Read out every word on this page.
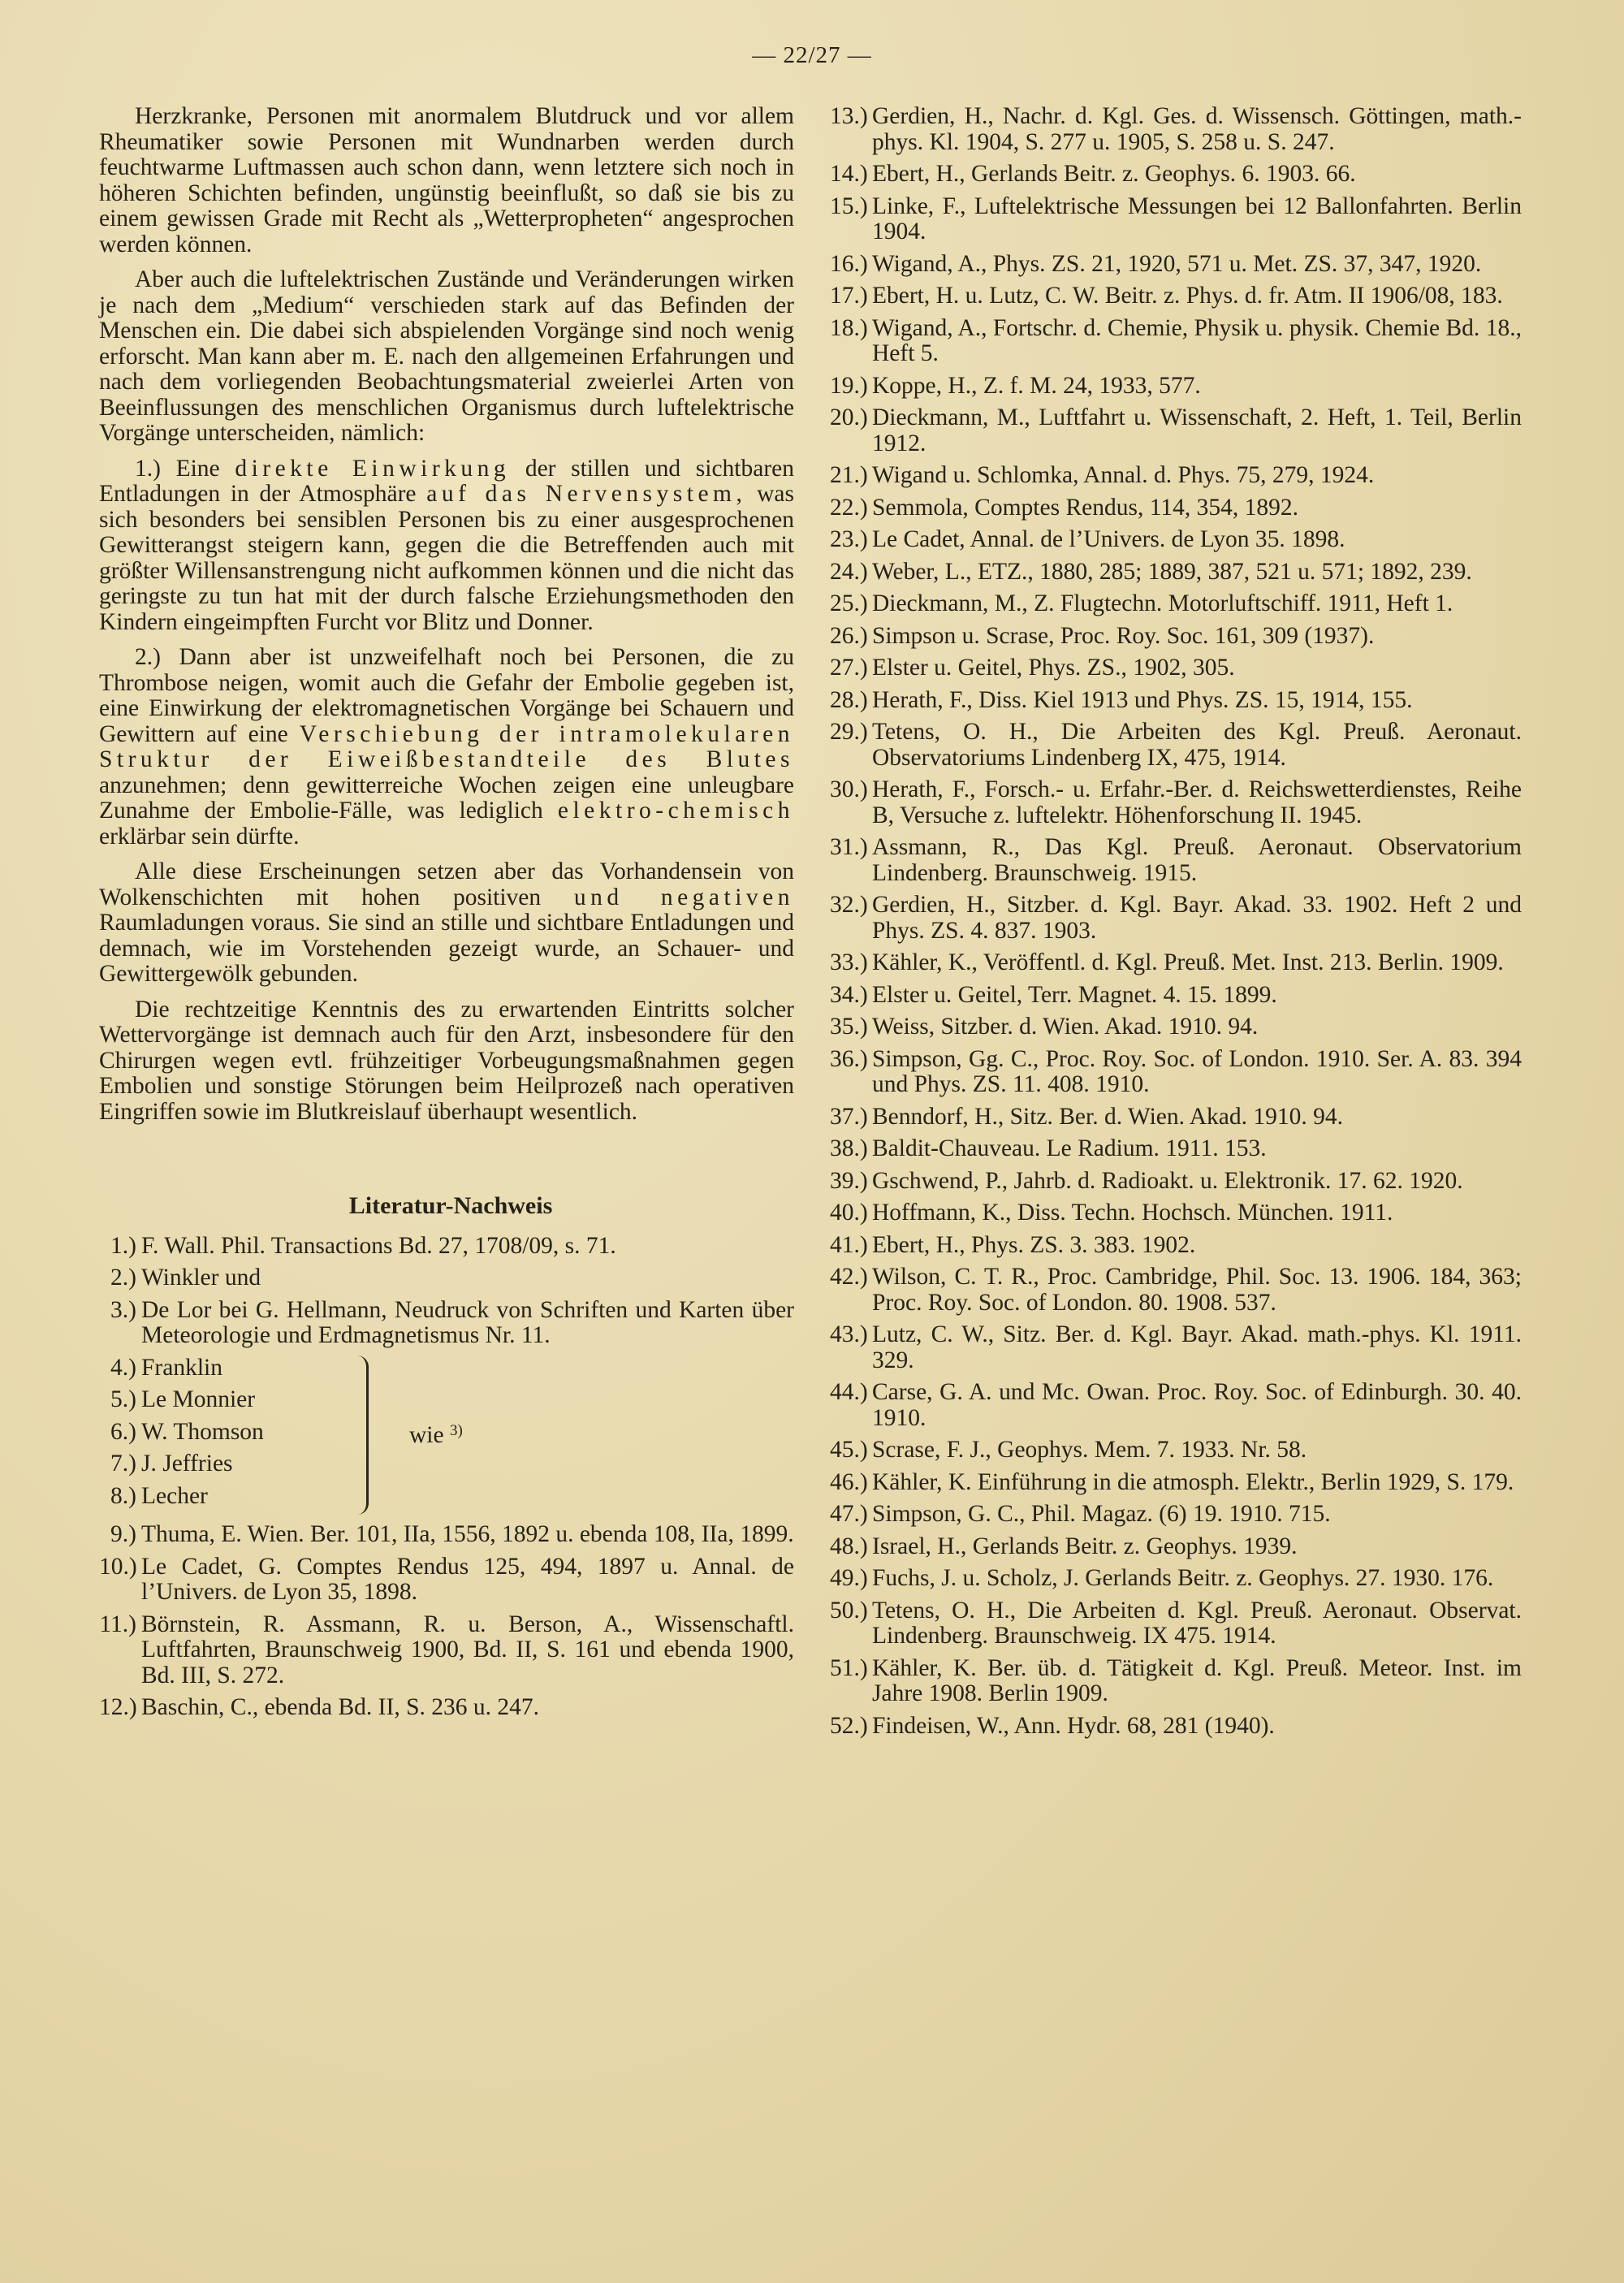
— 22/27 —

Herzkranke, Personen mit anormalem Blutdruck und vor allem Rheumatiker sowie Personen mit Wundnarben werden durch feuchtwarme Luftmassen auch schon dann, wenn letztere sich noch in höheren Schichten befinden, ungünstig beeinflußt, so daß sie bis zu einem gewissen Grade mit Recht als „Wetterpropheten“ angesprochen werden können.

Aber auch die luftelektrischen Zustände und Veränderungen wirken je nach dem „Medium“ verschieden stark auf das Befinden der Menschen ein. Die dabei sich abspielenden Vorgänge sind noch wenig erforscht. Man kann aber m. E. nach den allgemeinen Erfahrungen und nach dem vorliegenden Beobachtungsmaterial zweierlei Arten von Beeinflussungen des menschlichen Organismus durch luftelektrische Vorgänge unterscheiden, nämlich:

1.) Eine direkte Einwirkung der stillen und sichtbaren Entladungen in der Atmosphäre auf das Nervensystem, was sich besonders bei sensiblen Personen bis zu einer ausgesprochenen Gewitterangst steigern kann, gegen die die Betreffenden auch mit größter Willensanstrengung nicht aufkommen können und die nicht das geringste zu tun hat mit der durch falsche Erziehungsmethoden den Kindern eingeimpften Furcht vor Blitz und Donner.

2.) Dann aber ist unzweifelhaft noch bei Personen, die zu Thrombose neigen, womit auch die Gefahr der Embolie gegeben ist, eine Einwirkung der elektromagnetischen Vorgänge bei Schauern und Gewittern auf eine Verschiebung der intramolekularen Struktur der Eiweißbestandteile des Blutes anzunehmen; denn gewitterreiche Wochen zeigen eine unleugbare Zunahme der Embolie-Fälle, was lediglich elektro-chemisch erklärbar sein dürfte.

Alle diese Erscheinungen setzen aber das Vorhandensein von Wolkenschichten mit hohen positiven und negativen Raumladungen voraus. Sie sind an stille und sichtbare Entladungen und demnach, wie im Vorstehenden gezeigt wurde, an Schauer- und Gewittergewölk gebunden.

Die rechtzeitige Kenntnis des zu erwartenden Eintritts solcher Wettervorgänge ist demnach auch für den Arzt, insbesondere für den Chirurgen wegen evtl. frühzeitiger Vorbeugungsmaßnahmen gegen Embolien und sonstige Störungen beim Heilprozeß nach operativen Eingriffen sowie im Blutkreislauf überhaupt wesentlich.

Literatur-Nachweis
1.) F. Wall. Phil. Transactions Bd. 27, 1708/09, s. 71.
2.) Winkler und
3.) De Lor bei G. Hellmann, Neudruck von Schriften und Karten über Meteorologie und Erdmagnetismus Nr. 11.
4.) Franklin
5.) Le Monnier
6.) W. Thomson
7.) J. Jeffries
8.) Lecher
wie $^{3)}$
9.) Thuma, E. Wien. Ber. 101, IIa, 1556, 1892 u. ebenda 108, IIa, 1899.
10.) Le Cadet, G. Comptes Rendus 125, 494, 1897 u. Annal. de l’Univers. de Lyon 35, 1898.
11.) Börnstein, R. Assmann, R. u. Berson, A., Wissenschaftl. Luftfahrten, Braunschweig 1900, Bd. II, S. 161 und ebenda 1900, Bd. III, S. 272.
12.) Baschin, C., ebenda Bd. II, S. 236 u. 247.
13.) Gerdien, H., Nachr. d. Kgl. Ges. d. Wissensch. Göttingen, math.-phys. Kl. 1904, S. 277 u. 1905, S. 258 u. S. 247.
14.) Ebert, H., Gerlands Beitr. z. Geophys. 6. 1903. 66.
15.) Linke, F., Luftelektrische Messungen bei 12 Ballonfahrten. Berlin 1904.
16.) Wigand, A., Phys. ZS. 21, 1920, 571 u. Met. ZS. 37, 347, 1920.
17.) Ebert, H. u. Lutz, C. W. Beitr. z. Phys. d. fr. Atm. II 1906/08, 183.
18.) Wigand, A., Fortschr. d. Chemie, Physik u. physik. Chemie Bd. 18., Heft 5.
19.) Koppe, H., Z. f. M. 24, 1933, 577.
20.) Dieckmann, M., Luftfahrt u. Wissenschaft, 2. Heft, 1. Teil, Berlin 1912.
21.) Wigand u. Schlomka, Annal. d. Phys. 75, 279, 1924.
22.) Semmola, Comptes Rendus, 114, 354, 1892.
23.) Le Cadet, Annal. de l’Univers. de Lyon 35. 1898.
24.) Weber, L., ETZ., 1880, 285; 1889, 387, 521 u. 571; 1892, 239.
25.) Dieckmann, M., Z. Flugtechn. Motorluftschiff. 1911, Heft 1.
26.) Simpson u. Scrase, Proc. Roy. Soc. 161, 309 (1937).
27.) Elster u. Geitel, Phys. ZS., 1902, 305.
28.) Herath, F., Diss. Kiel 1913 und Phys. ZS. 15, 1914, 155.
29.) Tetens, O. H., Die Arbeiten des Kgl. Preuß. Aeronaut. Observatoriums Lindenberg IX, 475, 1914.
30.) Herath, F., Forsch.- u. Erfahr.-Ber. d. Reichswetterdienstes, Reihe B, Versuche z. luftelektr. Höhenforschung II. 1945.
31.) Assmann, R., Das Kgl. Preuß. Aeronaut. Observatorium Lindenberg. Braunschweig. 1915.
32.) Gerdien, H., Sitzber. d. Kgl. Bayr. Akad. 33. 1902. Heft 2 und Phys. ZS. 4. 837. 1903.
33.) Kähler, K., Veröffentl. d. Kgl. Preuß. Met. Inst. 213. Berlin. 1909.
34.) Elster u. Geitel, Terr. Magnet. 4. 15. 1899.
35.) Weiss, Sitzber. d. Wien. Akad. 1910. 94.
36.) Simpson, Gg. C., Proc. Roy. Soc. of London. 1910. Ser. A. 83. 394 und Phys. ZS. 11. 408. 1910.
37.) Benndorf, H., Sitz. Ber. d. Wien. Akad. 1910. 94.
38.) Baldit-Chauveau. Le Radium. 1911. 153.
39.) Gschwend, P., Jahrb. d. Radioakt. u. Elektronik. 17. 62. 1920.
40.) Hoffmann, K., Diss. Techn. Hochsch. München. 1911.
41.) Ebert, H., Phys. ZS. 3. 383. 1902.
42.) Wilson, C. T. R., Proc. Cambridge, Phil. Soc. 13. 1906. 184, 363; Proc. Roy. Soc. of London. 80. 1908. 537.
43.) Lutz, C. W., Sitz. Ber. d. Kgl. Bayr. Akad. math.-phys. Kl. 1911. 329.
44.) Carse, G. A. und Mc. Owan. Proc. Roy. Soc. of Edinburgh. 30. 40. 1910.
45.) Scrase, F. J., Geophys. Mem. 7. 1933. Nr. 58.
46.) Kähler, K. Einführung in die atmosph. Elektr., Berlin 1929, S. 179.
47.) Simpson, G. C., Phil. Magaz. (6) 19. 1910. 715.
48.) Israel, H., Gerlands Beitr. z. Geophys. 1939.
49.) Fuchs, J. u. Scholz, J. Gerlands Beitr. z. Geophys. 27. 1930. 176.
50.) Tetens, O. H., Die Arbeiten d. Kgl. Preuß. Aeronaut. Observat. Lindenberg. Braunschweig. IX 475. 1914.
51.) Kähler, K. Ber. üb. d. Tätigkeit d. Kgl. Preuß. Meteor. Inst. im Jahre 1908. Berlin 1909.
52.) Findeisen, W., Ann. Hydr. 68, 281 (1940).
